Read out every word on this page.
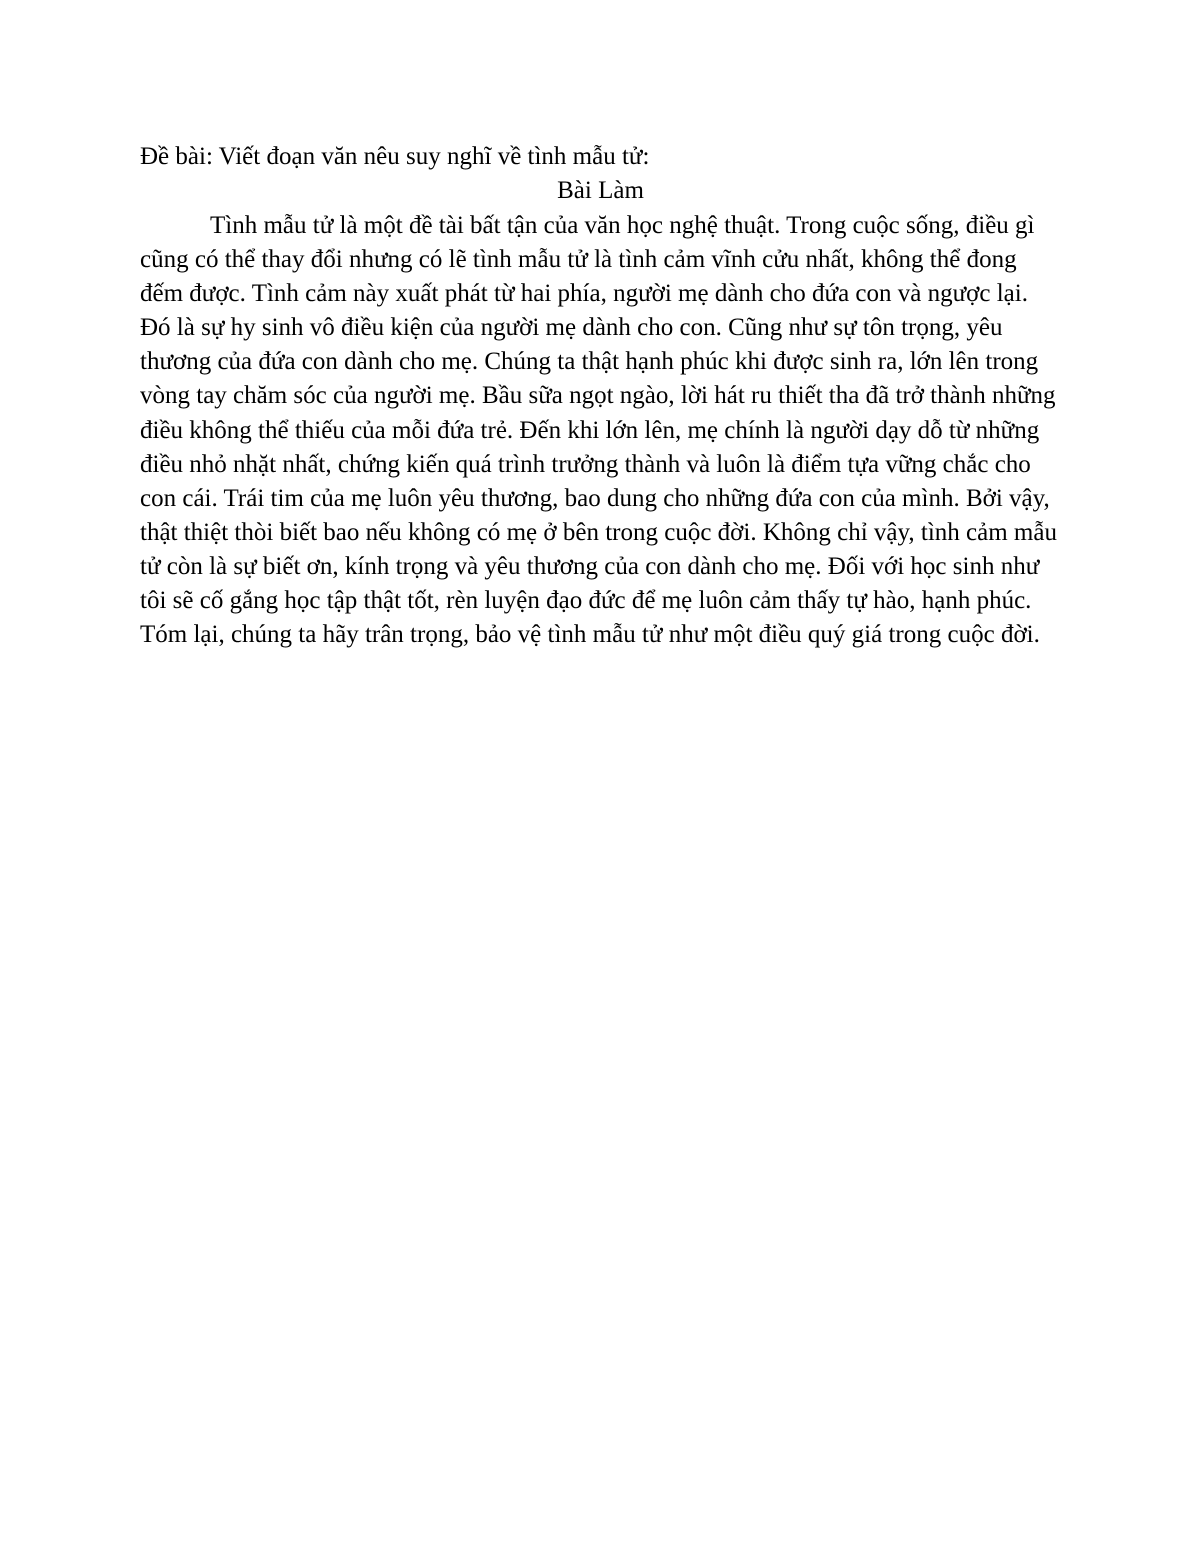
Đề bài: Viết đoạn văn nêu suy nghĩ về tình mẫu tử:

Bài Làm

Tình mẫu tử là một đề tài bất tận của văn học nghệ thuật. Trong cuộc sống, điều gì cũng có thể thay đổi nhưng có lẽ tình mẫu tử là tình cảm vĩnh cửu nhất, không thể đong đếm được. Tình cảm này xuất phát từ hai phía, người mẹ dành cho đứa con và ngược lại. Đó là sự hy sinh vô điều kiện của người mẹ dành cho con. Cũng như sự tôn trọng, yêu thương của đứa con dành cho mẹ. Chúng ta thật hạnh phúc khi được sinh ra, lớn lên trong vòng tay chăm sóc của người mẹ. Bầu sữa ngọt ngào, lời hát ru thiết tha đã trở thành những điều không thể thiếu của mỗi đứa trẻ. Đến khi lớn lên, mẹ chính là người dạy dỗ từ những điều nhỏ nhặt nhất, chứng kiến quá trình trưởng thành và luôn là điểm tựa vững chắc cho con cái. Trái tim của mẹ luôn yêu thương, bao dung cho những đứa con của mình. Bởi vậy, thật thiệt thòi biết bao nếu không có mẹ ở bên trong cuộc đời. Không chỉ vậy, tình cảm mẫu tử còn là sự biết ơn, kính trọng và yêu thương của con dành cho mẹ. Đối với học sinh như tôi sẽ cố gắng học tập thật tốt, rèn luyện đạo đức để mẹ luôn cảm thấy tự hào, hạnh phúc. Tóm lại, chúng ta hãy trân trọng, bảo vệ tình mẫu tử như một điều quý giá trong cuộc đời.
